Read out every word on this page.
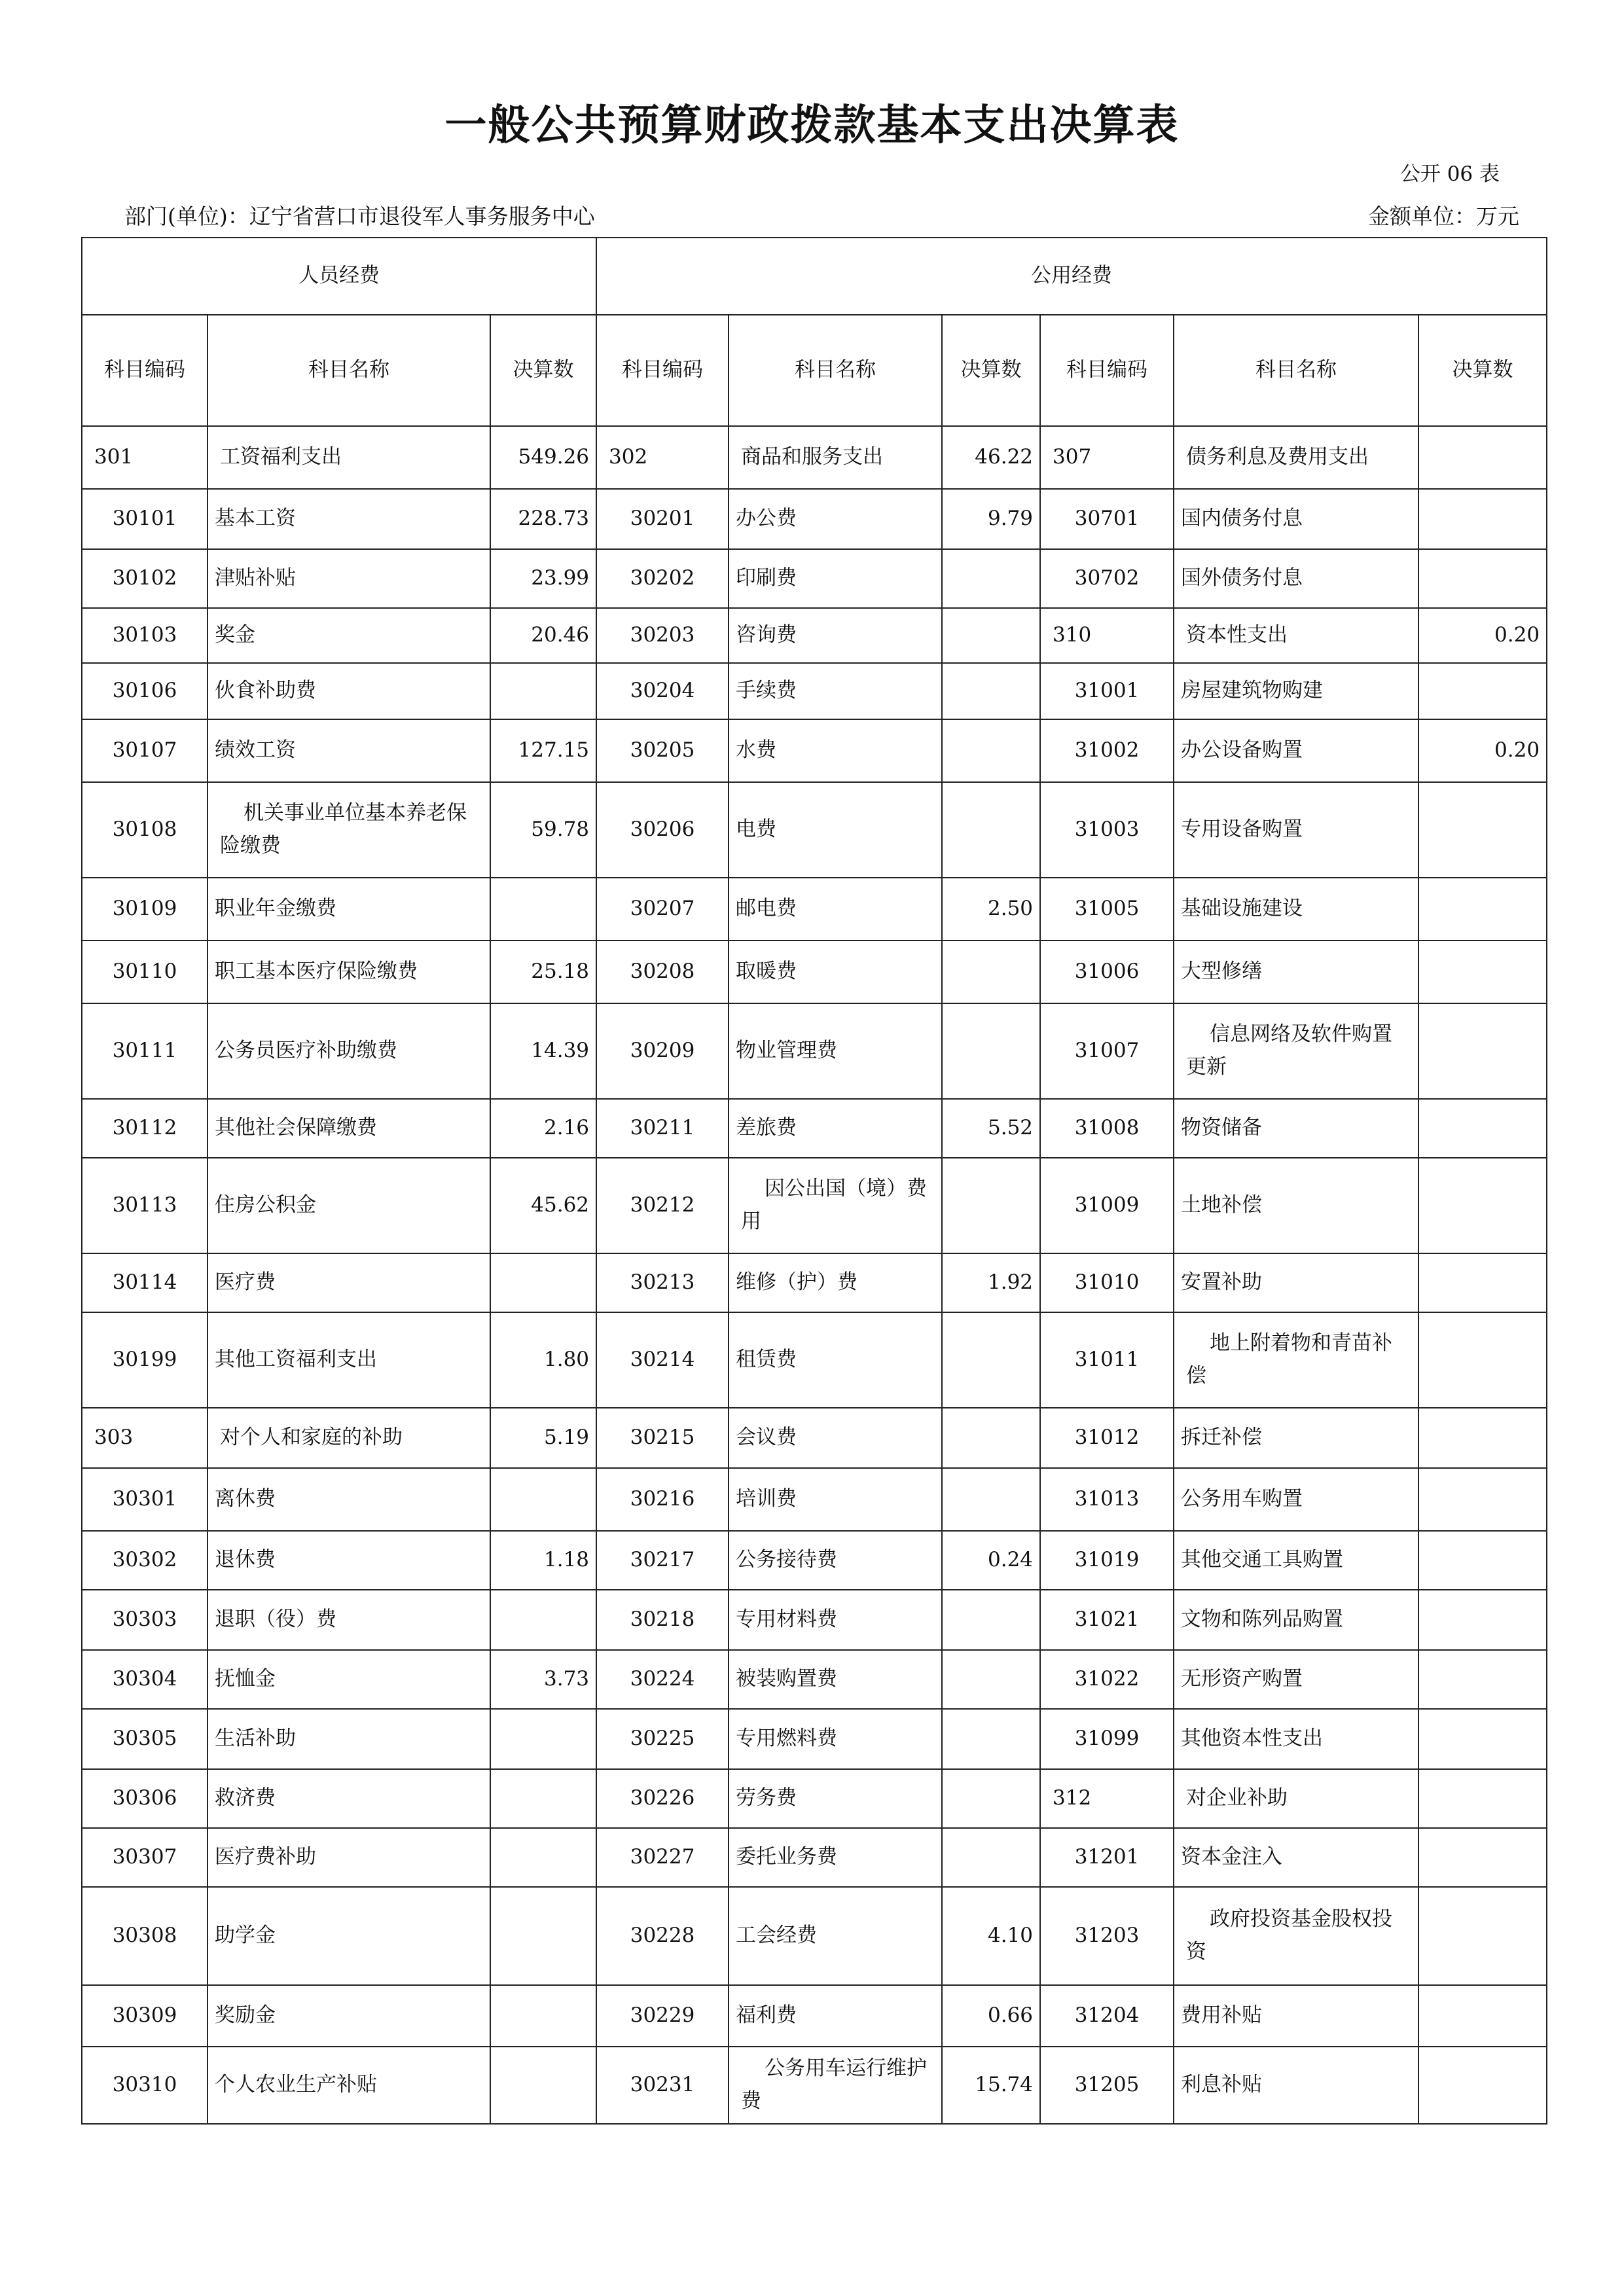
一般公共预算财政拨款基本支出决算表
公开 06 表
部门(单位)：辽宁省营口市退役军人事务服务中心	金额单位：万元
人员经费			公用经费					
科目编码	科目名称	决算数	科目编码	科目名称	决算数	科目编码	科目名称	决算数
301	工资福利支出	549.26	302	商品和服务支出	46.22	307	债务利息及费用支出	
30101	基本工资	228.73	30201	办公费	9.79	30701	国内债务付息	
30102	津贴补贴	23.99	30202	印刷费		30702	国外债务付息	
30103	奖金	20.46	30203	咨询费		310	资本性支出	0.20
30106	伙食补助费		30204	手续费		31001	房屋建筑物购建	
30107	绩效工资	127.15	30205	水费		31002	办公设备购置	0.20
30108	机关事业单位基本养老保险缴费	59.78	30206	电费		31003	专用设备购置	
30109	职业年金缴费		30207	邮电费	2.50	31005	基础设施建设	
30110	职工基本医疗保险缴费	25.18	30208	取暖费		31006	大型修缮	
30111	公务员医疗补助缴费	14.39	30209	物业管理费		31007	信息网络及软件购置更新	
30112	其他社会保障缴费	2.16	30211	差旅费	5.52	31008	物资储备	
30113	住房公积金	45.62	30212	因公出国（境）费用		31009	土地补偿	
30114	医疗费		30213	维修（护）费	1.92	31010	安置补助	
30199	其他工资福利支出	1.80	30214	租赁费		31011	地上附着物和青苗补偿	
303	对个人和家庭的补助	5.19	30215	会议费		31012	拆迁补偿	
30301	离休费		30216	培训费		31013	公务用车购置	
30302	退休费	1.18	30217	公务接待费	0.24	31019	其他交通工具购置	
30303	退职（役）费		30218	专用材料费		31021	文物和陈列品购置	
30304	抚恤金	3.73	30224	被装购置费		31022	无形资产购置	
30305	生活补助		30225	专用燃料费		31099	其他资本性支出	
30306	救济费		30226	劳务费		312	对企业补助	
30307	医疗费补助		30227	委托业务费		31201	资本金注入	
30308	助学金		30228	工会经费	4.10	31203	政府投资基金股权投资	
30309	奖励金		30229	福利费	0.66	31204	费用补贴	
30310	个人农业生产补贴		30231	公务用车运行维护费	15.74	31205	利息补贴	
